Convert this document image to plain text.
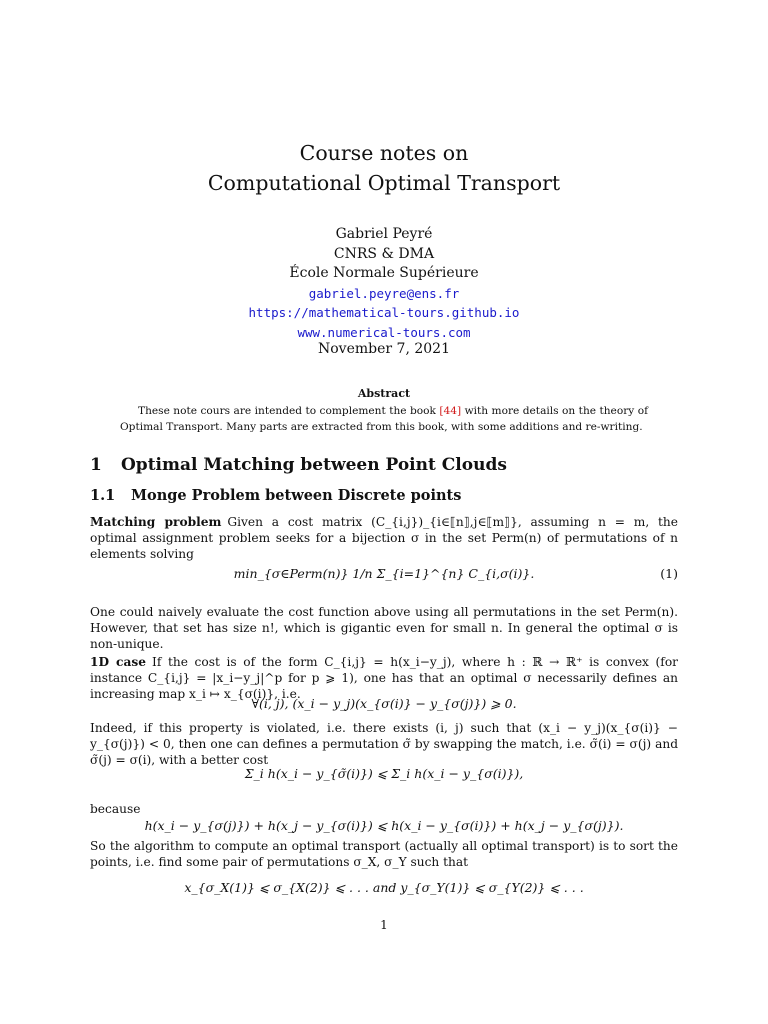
Course notes on
Computational Optimal Transport
Gabriel Peyré
CNRS & DMA
École Normale Supérieure
gabriel.peyre@ens.fr
https://mathematical-tours.github.io
www.numerical-tours.com
November 7, 2021
Abstract
These note cours are intended to complement the book [44] with more details on the theory of Optimal Transport. Many parts are extracted from this book, with some additions and re-writing.
1 Optimal Matching between Point Clouds
1.1 Monge Problem between Discrete points
Matching problem Given a cost matrix (C_{i,j})_{i∈⟦n⟧,j∈⟦m⟧}, assuming n = m, the optimal assignment problem seeks for a bijection σ in the set Perm(n) of permutations of n elements solving
min_{σ∈Perm(n)} 1/n Σ_{i=1}^{n} C_{i,σ(i)}.	(1)
One could naively evaluate the cost function above using all permutations in the set Perm(n). However, that set has size n!, which is gigantic even for small n. In general the optimal σ is non-unique.
1D case If the cost is of the form C_{i,j} = h(x_i−y_j), where h : ℝ → ℝ⁺ is convex (for instance C_{i,j} = |x_i−y_j|^p for p ⩾ 1), one has that an optimal σ necessarily defines an increasing map x_i ↦ x_{σ(i)}, i.e.
∀(i, j), (x_i − y_j)(x_{σ(i)} − y_{σ(j)}) ⩾ 0.
Indeed, if this property is violated, i.e. there exists (i, j) such that (x_i − y_j)(x_{σ(i)} − y_{σ(j)}) < 0, then one can defines a permutation σ̃ by swapping the match, i.e. σ̃(i) = σ(j) and σ̃(j) = σ(i), with a better cost
Σ_i h(x_i − y_{σ̃(i)}) ⩽ Σ_i h(x_i − y_{σ(i)}),
because
h(x_i − y_{σ(j)}) + h(x_j − y_{σ(i)}) ⩽ h(x_i − y_{σ(i)}) + h(x_j − y_{σ(j)}).
So the algorithm to compute an optimal transport (actually all optimal transport) is to sort the points, i.e. find some pair of permutations σ_X, σ_Y such that
x_{σ_X(1)} ⩽ σ_{X(2)} ⩽ . . . and y_{σ_Y(1)} ⩽ σ_{Y(2)} ⩽ . . .
1
